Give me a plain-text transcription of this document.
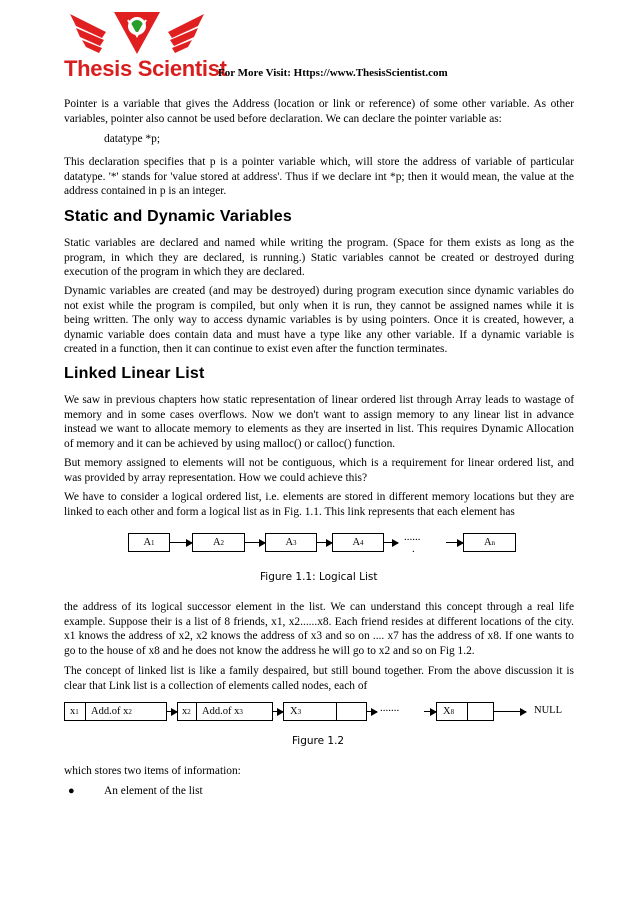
Thesis Scientist
For More Visit: Https://www.ThesisScientist.com

Pointer is a variable that gives the Address (location or link or reference) of some other variable. As other variables, pointer also cannot be used before declaration. We can declare the pointer variable as:

datatype *p;

This declaration specifies that p is a pointer variable which, will store the address of variable of particular datatype. '*' stands for 'value stored at address'. Thus if we declare int *p; then it would mean, the value at the address contained in p is an integer.

Static and Dynamic Variables

Static variables are declared and named while writing the program. (Space for them exists as long as the program, in which they are declared, is running.) Static variables cannot be created or destroyed during execution of the program in which they are declared.

Dynamic variables are created (and may be destroyed) during program execution since dynamic variables do not exist while the program is compiled, but only when it is run, they cannot be assigned names while it is being written. The only way to access dynamic variables is by using pointers. Once it is created, however, a dynamic variable does contain data and must have a type like any other variable. If a dynamic variable is created in a function, then it can continue to exist even after the function terminates.

Linked Linear List

We saw in previous chapters how static representation of linear ordered list through Array leads to wastage of memory and in some cases overflows. Now we don't want to assign memory to any linear list in advance instead we want to allocate memory to elements as they are inserted in list. This requires Dynamic Allocation of memory and it can be achieved by using malloc() or calloc() function.

But memory assigned to elements will not be contiguous, which is a requirement for linear ordered list, and was provided by array representation. How we could achieve this?

We have to consider a logical ordered list, i.e. elements are stored in different memory locations but they are linked to each other and form a logical list as in Fig. 1.1. This link represents that each element has

A 1	A 2	A 3	A 4	......
.
A n
Figure 1.1: Logical List

the address of its logical successor element in the list. We can understand this concept through a real life example. Suppose their is a list of 8 friends, x1, x2......x8. Each friend resides at different locations of the city. x1 knows the address of x2, x2 knows the address of x3 and so on .... x7 has the address of x8. If one wants to go to the house of x8 and he does not know the address he will go to x2 and so on Fig 1.2.

The concept of linked list is like a family despaired, but still bound together. From the above discussion it is clear that Link list is a collection of elements called nodes, each of

x 1 Add.of x 2	x 2 Add.of x 3	X 3	.......	X 8	NULL
Figure 1.2

which stores two items of information:

●	An element of the list
